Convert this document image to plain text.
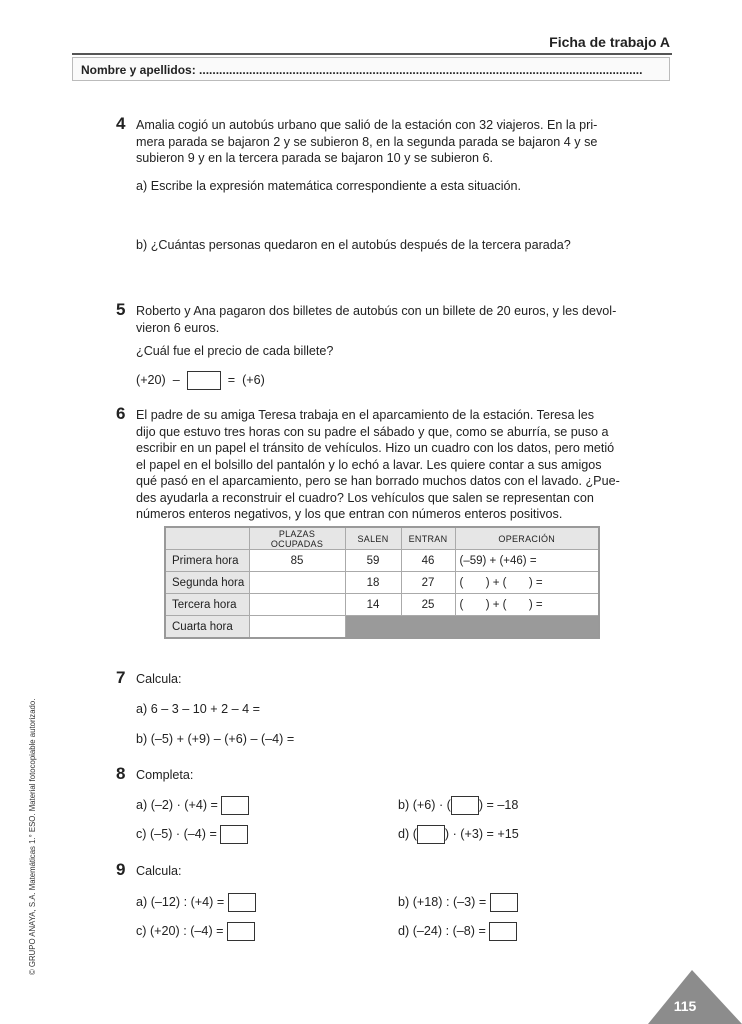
Ficha de trabajo A
Nombre y apellidos: .....................................................................................................................................
4 Amalia cogió un autobús urbano que salió de la estación con 32 viajeros. En la pri-
mera parada se bajaron 2 y se subieron 8, en la segunda parada se bajaron 4 y se
subieron 9 y en la tercera parada se bajaron 10 y se subieron 6.
a) Escribe la expresión matemática correspondiente a esta situación.
b) ¿Cuántas personas quedaron en el autobús después de la tercera parada?
5 Roberto y Ana pagaron dos billetes de autobús con un billete de 20 euros, y les devol-
vieron 6 euros.
¿Cuál fue el precio de cada billete?
(+20)  –	=  (+6)
6 El padre de su amiga Teresa trabaja en el aparcamiento de la estación. Teresa les
dijo que estuvo tres horas con su padre el sábado y que, como se aburría, se puso a
escribir en un papel el tránsito de vehículos. Hizo un cuadro con los datos, pero metió
el papel en el bolsillo del pantalón y lo echó a lavar. Les quiere contar a sus amigos
qué pasó en el aparcamiento, pero se han borrado muchos datos con el lavado. ¿Pue-
des ayudarla a reconstruir el cuadro? Los vehículos que salen se representan con
números enteros negativos, y los que entran con números enteros positivos.
	PLAZAS OCUPADAS	SALEN	ENTRAN	OPERACIÓN
Primera hora	85	59	46	(–59) + (+46) =
Segunda hora		18	27	(       ) + (       ) =
Tercera hora		14	25	(       ) + (       ) =
Cuarta hora				
7 Calcula:
a) 6 – 3 – 10 + 2 – 4 =
b) (–5) + (+9) – (+6) – (–4) =
8 Completa:
a) (–2) · (+4) =	b) (+6) · ( ) = –18
c) (–5) · (–4) =	d) ( ) · (+3) = +15
9 Calcula:
a) (–12) : (+4) =	b) (+18) : (–3) =
c) (+20) : (–4) =	d) (–24) : (–8) =
© GRUPO ANAYA, S.A. Matemáticas 1.° ESO. Material fotocopiable autorizado.
115
